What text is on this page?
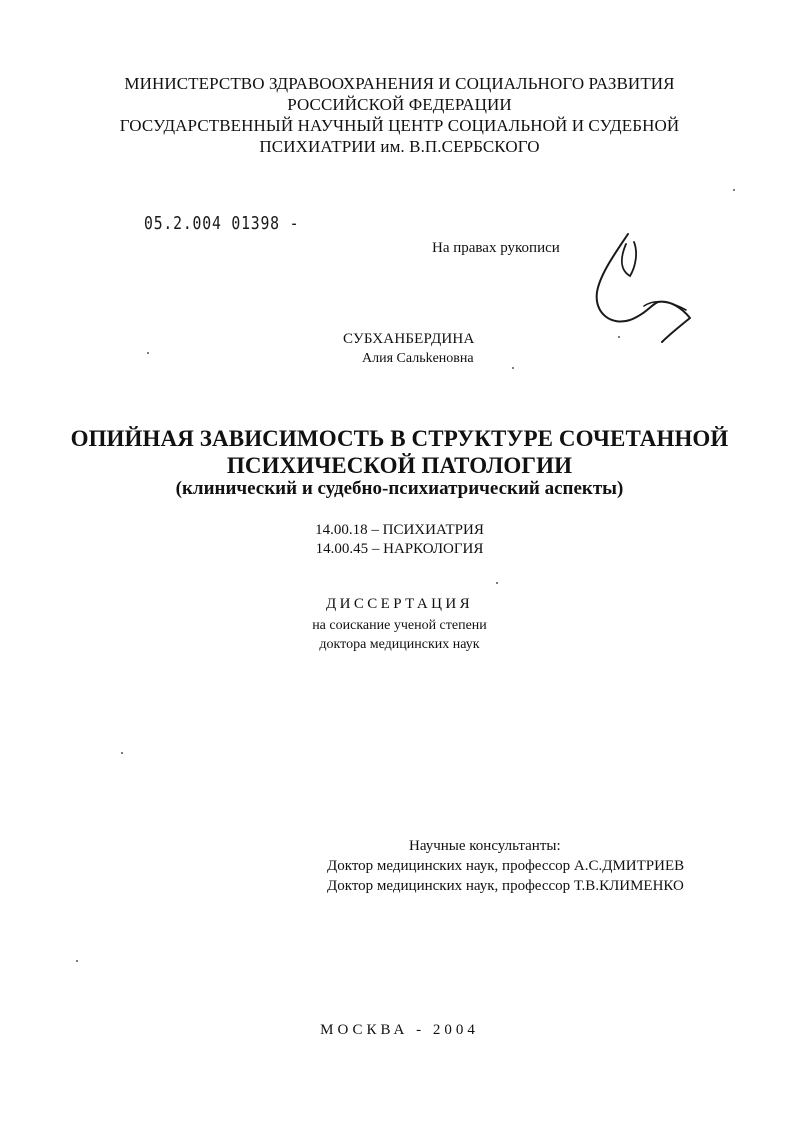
МИНИСТЕРСТВО ЗДРАВООХРАНЕНИЯ И СОЦИАЛЬНОГО РАЗВИТИЯ
РОССИЙСКОЙ ФЕДЕРАЦИИ
ГОСУДАРСТВЕННЫЙ НАУЧНЫЙ ЦЕНТР СОЦИАЛЬНОЙ И СУДЕБНОЙ
ПСИХИАТРИИ им. В.П.СЕРБСКОГО
05.2.004 01398 -
На правах рукописи
СУБХАНБЕРДИНА
Алия Сальkeновна
ОПИЙНАЯ ЗАВИСИМОСТЬ В СТРУКТУРЕ СОЧЕТАННОЙ
ПСИХИЧЕСКОЙ ПАТОЛОГИИ
(клинический и судебно-психиатрический аспекты)
14.00.18 – ПСИХИАТРИЯ
14.00.45 – НАРКОЛОГИЯ
ДИССЕРТАЦИЯ
на соискание ученой степени
доктора медицинских наук
Научные консультанты:
Доктор медицинских наук, профессор А.С.ДМИТРИЕВ
Доктор медицинских наук, профессор Т.В.КЛИМЕНКО
МОСКВА - 2004
